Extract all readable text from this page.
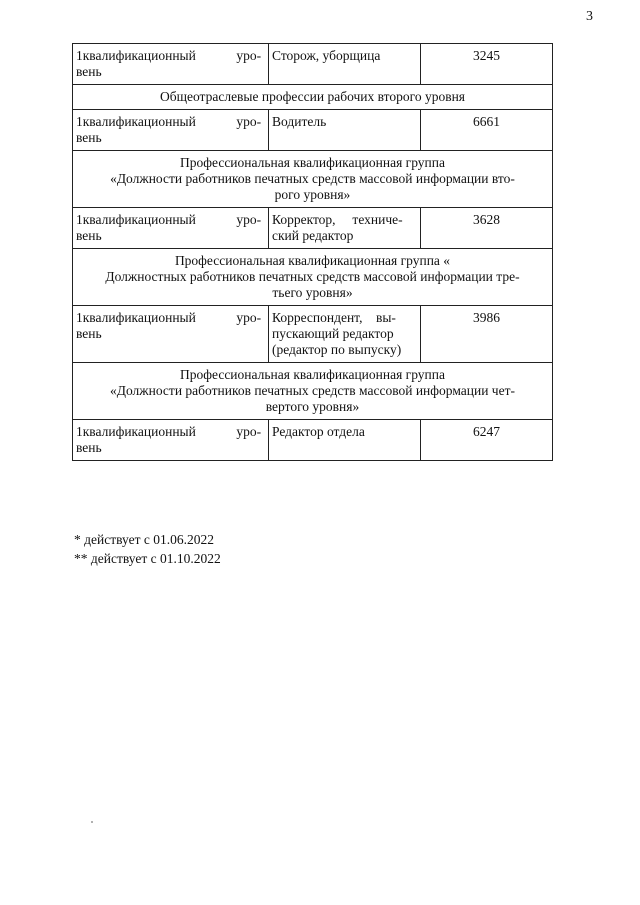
3
1квалификационный            уро-
вень	Сторож, уборщица	3245
Общеотраслевые профессии рабочих второго уровня		
1квалификационный            уро-
вень	Водитель	6661
Профессиональная квалификационная группа
«Должности работников печатных средств массовой информации вто-
рого уровня»		
1квалификационный            уро-
вень	Корректор,     техниче-
ский редактор	3628
Профессиональная квалификационная группа «
Должностных работников печатных средств массовой информации тре-
тьего уровня»		
1квалификационный            уро-
вень	Корреспондент,    вы-
пускающий редактор
(редактор по выпуску)	3986
Профессиональная квалификационная группа
«Должности работников печатных средств массовой информации чет-
вертого уровня»		
1квалификационный            уро-
вень	Редактор отдела	6247
* действует с 01.06.2022
** действует с 01.10.2022
